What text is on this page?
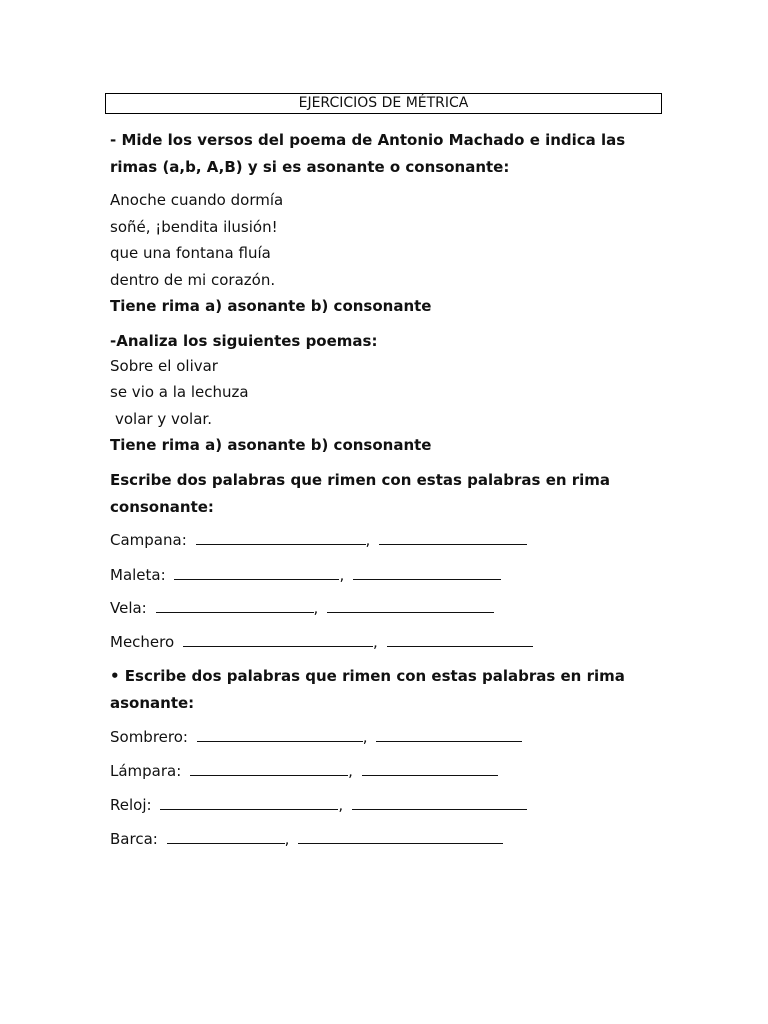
EJERCICIOS DE MÉTRICA
- Mide los versos del poema de Antonio Machado e indica las
rimas (a,b, A,B) y si es asonante o consonante:
Anoche cuando dormía
soñé, ¡bendita ilusión!
que una fontana fluía
dentro de mi corazón.
Tiene rima a) asonante b) consonante
-Analiza los siguientes poemas:
Sobre el olivar
se vio a la lechuza
volar y volar.
Tiene rima a) asonante b) consonante
Escribe dos palabras que rimen con estas palabras en rima
consonante:
Campana:	,
Maleta:	,
Vela:	,
Mechero	,
• Escribe dos palabras que rimen con estas palabras en rima
asonante:
Sombrero:	,
Lámpara:	,
Reloj:	,
Barca:	,
